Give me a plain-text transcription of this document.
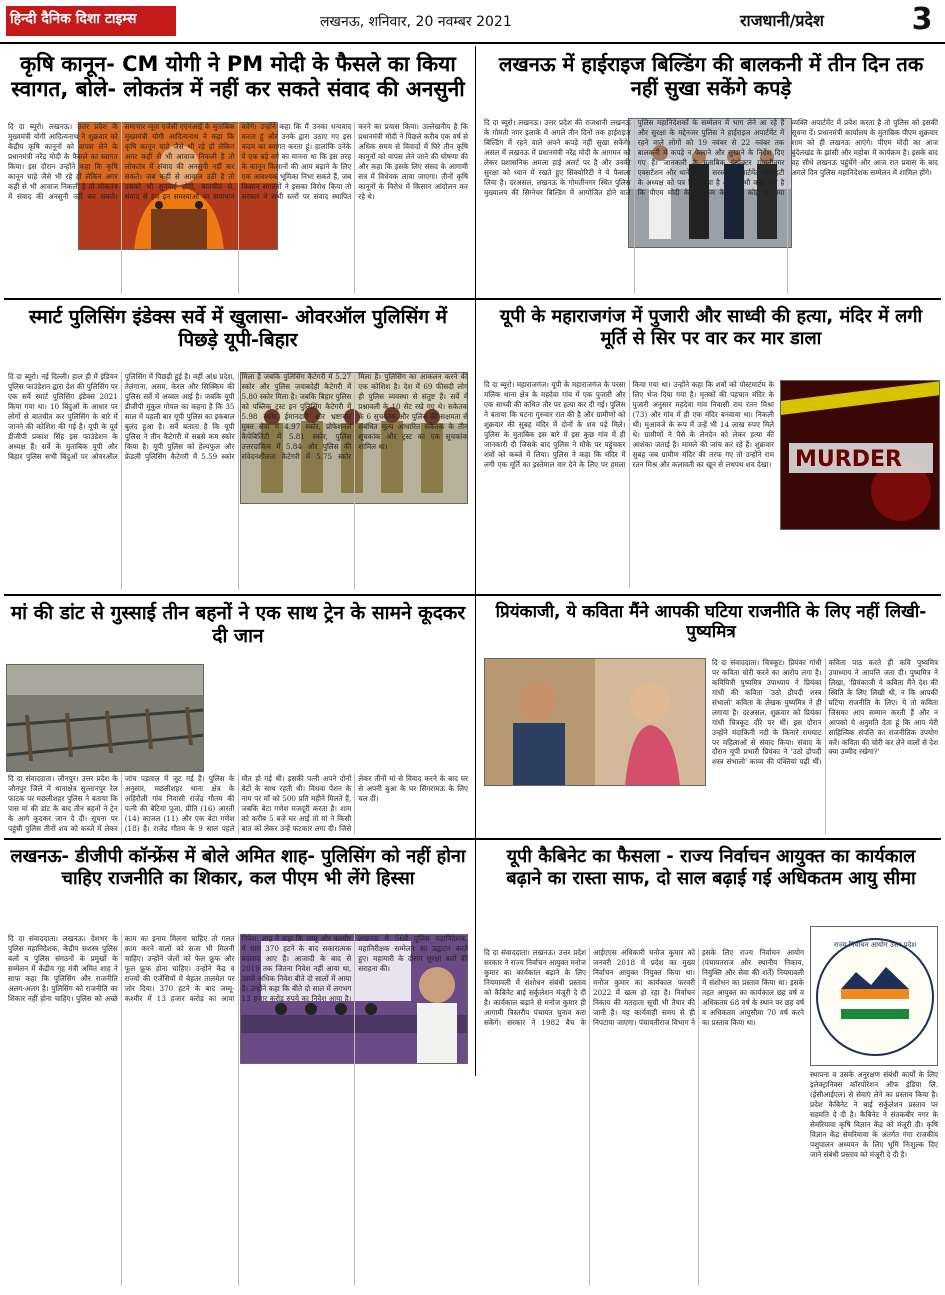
हिन्दी दैनिक दिशा टाइम्स	लखनऊ, शनिवार, 20 नवम्बर 2021	राजधानी/प्रदेश	3
कृषि कानून- CM योगी ने PM मोदी के फैसले का किया स्वागत, बोले- लोकतंत्र में नहीं कर सकते संवाद की अनसुनी
दि दा ब्यूरो। लखनऊ। उत्तर प्रदेश के मुख्यमंत्री योगी आदित्यनाथ ने शुक्रवार को केंद्रीय कृषि कानूनों को वापस लेने के प्रधानमंत्री नरेंद्र मोदी के फैसले का स्वागत किया। इस दौरान उन्होंने कहा कि कृषि कानून चाहे जैसे भी रहे हों लेकिन अगर कहीं से भी आवाज निकली है तो लोकतंत्र में संवाद की अनसुनी नहीं कर सकते। समाचार न्यूज एजेंसी एएनआई के मुताबिक मुख्यमंत्री योगी आदित्यनाथ ने कहा कि कृषि कानून चाहे जैसे भी रहे हों लेकिन अगर कहीं से भी आवाज निकली है तो लोकतंत्र में संवाद की अनसुनी नहीं कर सकते। जब कहीं से आवाज उठी है तो उसको भी सुनवाई होगी, बातचीत से, संवाद से हम इन समस्याओं का समाधान करेंगे। उन्होंने कहा कि मैं उनका धन्यवाद करता हूं और उनके द्वारा उठाए गए इस कदम का स्वागत करता हूं। हालांकि उनेके ये एक बड़े वर्ग का मानना था कि इस तरह के कानून किसानों की आय बढ़ाने के लिए एक आवश्यक भूमिका निभा सकते हैं, जब किसान संगठनों ने इसका विरोध किया तो सरकार ने सभी स्तरों पर संवाद स्थापित करने का प्रयास किया। उल्लेखनीय है कि प्रधानमंत्री मोदी ने पिछले करीब एक वर्ष से अधिक समय से विवादों में घिरे तीन कृषि कानूनों को वापस लेने जाने की घोषणा की और कहा कि इसके लिए संसद के आगामी सत्र में विधेयक लाया जाएगा। तीनों कृषि कानूनों के विरोध में किसान आंदोलन कर रहे थे।
लखनऊ में हाईराइज बिल्डिंग की बालकनी में तीन दिन तक नहीं सुखा सकेंगे कपड़े
दि दा ब्यूरो। लखनऊ। उत्तर प्रदेश की राजधानी लखनऊ के गोमती नगर इलाके में अगले तीन दिनों तक हाईराइज बिल्डिंग में रहने वाले अपने कपड़े नहीं सुखा सकेंगे। असल में लखनऊ में प्रधानमंत्री नरेंद्र मोदी के आगमन को लेकर प्रशासनिक अमला हाई अलर्ट पर है और उनकी सुरक्षा को ध्यान में रखते हुए सिक्योरिटी ने ये फैसला लिया है। दरअसल, लखनऊ के गोमतीनगर स्थित पुलिस मुख्यालय की सिग्नेचर बिल्डिंग में आयोजित होने वाले पुलिस महानिदेशकों के सम्मेलन में भाग लेने आ रहे हैं और सुरक्षा के मद्देनजर पुलिस ने हाईराइज अपार्टमेंट में रहने वाले लोगों को 19 नवंबर से 22 नवंबर तक बालकनी में कपड़े न फैलाने और सुखाने के निर्देश दिए गए हैं। जानकारी के मुताबिक इंस्पेक्टर गोमतीनगर एक्सटेंशन और थाने से सटे सरस्वती अपार्टमेंट सोसाइटी के अध्यक्ष को पत्र दिया गया है और ये भी कहा गया है कि पीएम मोदी के कार्यक्रम के दौरान कोई भी नया व्यक्ति अपार्टमेंट में प्रवेश करता है तो पुलिस को इसकी सूचना दें। प्रधानमंत्री कार्यालय के मुताबिक पीएम शुक्रवार शाम को ही लखनऊ आएंगे। पीएम मोदी का आज बुंदेलखंड के झांसी और महोबा में कार्यक्रम है। इसके बाद वह सीधे लखनऊ पहुंचेंगे और आज रात प्रवास के बाद अगले दिन पुलिस महानिदेशक सम्मेलन में शामिल होंगे।
स्मार्ट पुलिसिंग इंडेक्स सर्वे में खुलासा- ओवरऑल पुलिसिंग में पिछड़े यूपी-बिहार
दि दा ब्यूरो। नई दिल्ली। हाल ही में इंडियन पुलिस फाउंडेशन द्वारा देश की पुलिसिंग पर एक सर्वे स्मार्ट पुलिसिंग इंडेक्स 2021 किया गया था। 10 बिंदुओं के आधार पर लोगों से बातचीत कर पुलिसिंग के बारे में जानने की कोशिश की गई है। यूपी के पूर्व डीजीपी प्रकाश सिंह इस फाउंडेशन के अध्यक्ष हैं। सर्वे के मुताबिक यूपी और बिहार पुलिस सभी बिंदुओं पर ओवरऑल पुलिसिंग में पिछड़ी हुई है। वहीं आंध्र प्रदेश, तेलंगाना, असम, केरल और सिक्किम की पुलिस सर्वे में अव्वल आई है। जबकि यूपी डीजीपी मुकुल गोयल का कहना है कि 35 साल में पहली बार यूपी पुलिस का इकबाल बुलंद हुआ है। सर्वे बताता है कि यूपी पुलिस ने तीन कैटेगरी में सबसे कम स्कोर किया है। यूपी पुलिस को हेल्पफुल और फ्रेंडली पुलिसिंग कैटेगरी में 5.59 स्कोर मिला है जबकि पुलिसिंग कैटेगरी में 5.27 स्कोर और पुलिस जवाबदेही कैटेगरी में 5.80 स्कोर मिला है। जबकि बिहार पुलिस को पब्लिक ट्रस्ट इन पुलिसिंग कैटेगरी में 5.98 स्कोर, ईमानदारी और भ्रष्टाचार मुक्त सेवा में 4.97 स्कोर, प्रोफेशनल कैपेबिलिटी में 5.81 स्कोर, पुलिस उत्तरदायित्व में 5.84 और पुलिस की संवेदनशीलता कैटेगरी में 5.75 स्कोर मिला है। पुलिसिंग का आकलन करने की एक कोशिश है। देश में 69 फीसदी लोग ही पुलिस व्यवस्था से संतुष्ट हैं। सर्वे में प्रश्नावली के 10 सेट रखे गए थे। सकेतक के 6 सुचकांक और पुलिस की सक्षमता से संबंधित मूल्य आधारित सकेतक के तीन सूचकांक और ट्रस्ट का एक सूचकांक शामिल था।
यूपी के महाराजगंज में पुजारी और साध्वी की हत्या, मंदिर में लगी मूर्ति से सिर पर वार कर मार डाला
MURDER
दि दा ब्यूरो। महाराजगंज। यूपी के महाराजगंज के परसा मलिक थाना क्षेत्र के महदेवा गांव में एक पुजारी और एक साध्वी की कथित तौर पर हत्या कर दी गई। पुलिस ने बताया कि घटना गुरुवार रात की है और ग्रामीणों को शुक्रवार की सुबह मंदिर में दोनों के शव पड़े मिले। पुलिस के मुताबिक इस बारे में इस कुछ गांव में ही जानकारी दी जिसके बाद पुलिस ने मौके पर पहुंचकर शवों को कब्जे में लिया। पुलिस ने कहा कि मंदिर में लगी एक मूर्ति का इस्तेमाल वार देने के लिए पर हमला किया गया था। उन्होंने कहा कि शवों को पोस्टमार्टम के लिए भेज दिया गया है। मृतकों की पहचान मंदिर के पुजारी अनुसार महदेवा गांव निवासी राम रतन मिश्रा (73) और गांव में ही एक मंदिर बनवाया था। निकली थी। मुआवजे के रूप में उन्हें भी 14 लाख रुपए मिले थे। ग्रामीणों ने पैसे के लेनदेन को लेकर हत्या की आशंका जताई है। मामले की जांच कर रहे हैं। शुक्रवार सुबह जब ग्रामीण मंदिर की तरफ गए तो उन्होंने राम रतन मिश्र और कलावती का खून से लथपथ शव देखा।
मां की डांट से गुस्साई तीन बहनों ने एक साथ ट्रेन के सामने कूदकर दी जान
दि दा संवाददाता। जौनपुर। उत्तर प्रदेश के जौनपुर जिले में थानाक्षेत्र सुल्तानपुर रेल फाटक पर मछलीशहर पुलिस ने बताया कि पास मां की डांट के बाद तीन बहनों ने ट्रेन के आगे कूदकर जान दे दी। सूचना पर पहुंची पुलिस तीनों शव को कब्जे में लेकर जांच पड़ताल में जुट गई है। पुलिस के अनुसार, मछलीशहर थाना क्षेत्र के अहिरौली गांव निवासी राजेंद्र गौतम की पत्नी की बेटियां पूजा, प्रीति (16) आरती (14) काजल (11) और एक बेटा गणेश (18) है। राजेंद्र गौतम के 9 साल पहले मौत हो गई थी। इसकी पत्नी अपने दोनों बेटों के साथ रहती थी। विधवा पेंशन के नाम पर माँ को 500 प्रति महीने मिलते हैं, जबकि बेटा गणेश मजदूरी करता है। शाम को करीब 5 बजे घर आई तो मां ने किसी बात को लेकर उन्हें फटकार लगा दी। जिसे लेकर तीनों मां से विवाद करने के बाद घर से अपनी बुआ के घर सिंगरामऊ के लिए चल दीं।
प्रियंकाजी, ये कविता मैंने आपकी घटिया राजनीति के लिए नहीं लिखी- पुष्यमित्र
दि दा संवाददाता। चित्रकूट। प्रियंका गांधी पर कविता चोरी करने का आरोप लगा है। कवियित्री पुष्यमित्र उपाध्याय ने प्रियंका गांधी की कविता 'उठो द्रौपदी शस्त्र संभालो' कविता के लेखक पुष्यमित्र ने ही लगाया है। दरअसल, शुक्रवार को प्रियंका गांधी चित्रकूट दौरे पर थीं। इस दौरान उन्होंने मंदाकिनी नदी के किनारे रामघाट पर महिलाओं से संवाद किया। संवाद के दौरान यूपी प्रभारी प्रियंका ने 'उठो द्रौपदी शस्त्र संभालो' काव्य की पंक्तियां पढ़ीं थीं। कविता पाठ करते ही कवि पुष्यमित्र उपाध्याय ने आपत्ति जता दी। पुष्यमित्र ने लिखा, 'प्रियंकाजी ये कविता मैंने देश की स्थिति के लिए लिखी थी, न कि आपकी घटिया राजनीति के लिए। ये तो कविता जिसका आप सम्मान करती हैं और न आपको ये अनुमति देता हूं कि आप मेरी साहित्यिक संपत्ति का राजनीतिक उपयोग करें। कविता की चोरी कर लेने वालों से देश क्या उम्मीद रखेगा?'
लखनऊ- डीजीपी कॉन्फ्रेंस में बोले अमित शाह- पुलिसिंग को नहीं होना चाहिए राजनीति का शिकार, कल पीएम भी लेंगे हिस्सा
दि दा संवाददाता। लखनऊ। देशभर के पुलिस महानिदेशक, केंद्रीय सशस्त्र पुलिस बलों व पुलिस संगठनों के प्रमुखों के सम्मेलन में केंद्रीय गृह मंत्री अमित शाह ने साफ कहा कि पुलिसिंग और राजनीति अलग-अलग है। पुलिसिंग को राजनीति का शिकार नहीं होना चाहिए। पुलिस को अच्छे काम का इनाम मिलना चाहिए तो गलत काम करने वालों को सजा भी मिलनी चाहिए। उन्होंने जेलों को फेल फ्रूफ और फूल फ्रूफ होना चाहिए। उन्होंने केंद्र व राज्यों की एजेंसियों में बेहतर तालमेल पर जोर दिया। 370 हटने के बाद जम्मू-कश्मीर में 13 हजार करोड़ का आया निवेश। शाह ने कहा कि जम्मू और कश्मीर में धारा 370 हटने के बाद सकारात्मक बदलाव आए हैं। आजादी के बाद से 2019 तक जितना निवेश नहीं आया था, उससे अधिक निवेश बीते दो सालों में आया है। उन्होंने कहा कि बीते दो साल में लगभग 13 हजार करोड़ रुपये का निवेश आया है। लखनऊ में 56वें पुलिस महानिदेशक, महानिरीक्षक सम्मेलन का उद्घाटन करते हुए। महामारी के दौरान सुरक्षा बलों की सराहना की।
यूपी कैबिनेट का फैसला - राज्य निर्वाचन आयुक्त का कार्यकाल बढ़ाने का रास्ता साफ, दो साल बढ़ाई गई अधिकतम आयु सीमा
राज्य निर्वाचन आयोग उत्तर प्रदेश
दि दा संवाददाता। लखनऊ। उत्तर प्रदेश सरकार ने राज्य निर्वाचन आयुक्त मनोज कुमार का कार्यकाल बढ़ाने के लिए नियमावली में संशोधन संबंधी प्रस्ताव को कैबिनेट बाई सर्कुलेशन मंजूरी दे दी है। कार्यकाल बढ़ाने से मनोज कुमार ही आगामी त्रिस्तरीय पंचायत चुनाव करा सकेंगे। सरकार ने 1982 बैच के आईएएस अधिकारी मनोज कुमार को जनवरी 2018 में प्रदेश का मुख्य निर्वाचन आयुक्त नियुक्त किया था। मनोज कुमार का कार्यकाल फरवरी 2022 में खत्म हो रहा है। निर्वाचन निकाय की मतदाता सूची भी तैयार की जानी है। यह कार्यवाही समय से ही निपटाया जाएगा। पंचायतीराज विभाग ने इसके लिए राज्य निर्वाचन आयोग (पंचायतराज और स्थानीय निकाय, नियुक्ति और सेवा की शर्तें) नियमावली में संशोधन का प्रस्ताव किया था। इसके तहत आयुक्त का कार्यकाल छह वर्ष व अधिकतम 68 वर्ष के स्थान पर छह वर्ष व अधिकतम आयुसीमा 70 वर्ष करने का प्रस्ताव किया था।
स्थापना व उसके अनुरक्षण संबंधी कार्यों के लिए इलेक्ट्रानिक्स कॉरपोरेशन ऑफ इंडिया लि. (ईसीआईएल) से सेवाएं लेने का प्रस्ताव किया है। प्रदेश कैबिनेट ने बाई सर्कुलेशन प्रस्ताव पर सहमति दे दी है। कैबिनेट ने संतकबीर नगर के सेमरियावा कृषि विज्ञान केंद्र को मंजूरी दी। कृषि विज्ञान केंद्र सेमरियावा के अंतर्गत गंगा राजकीय पशुपालन अध्ययन के लिए भूमि निःशुल्क दिए जाने संबंधी प्रस्ताव को मंजूरी दे दी है।
